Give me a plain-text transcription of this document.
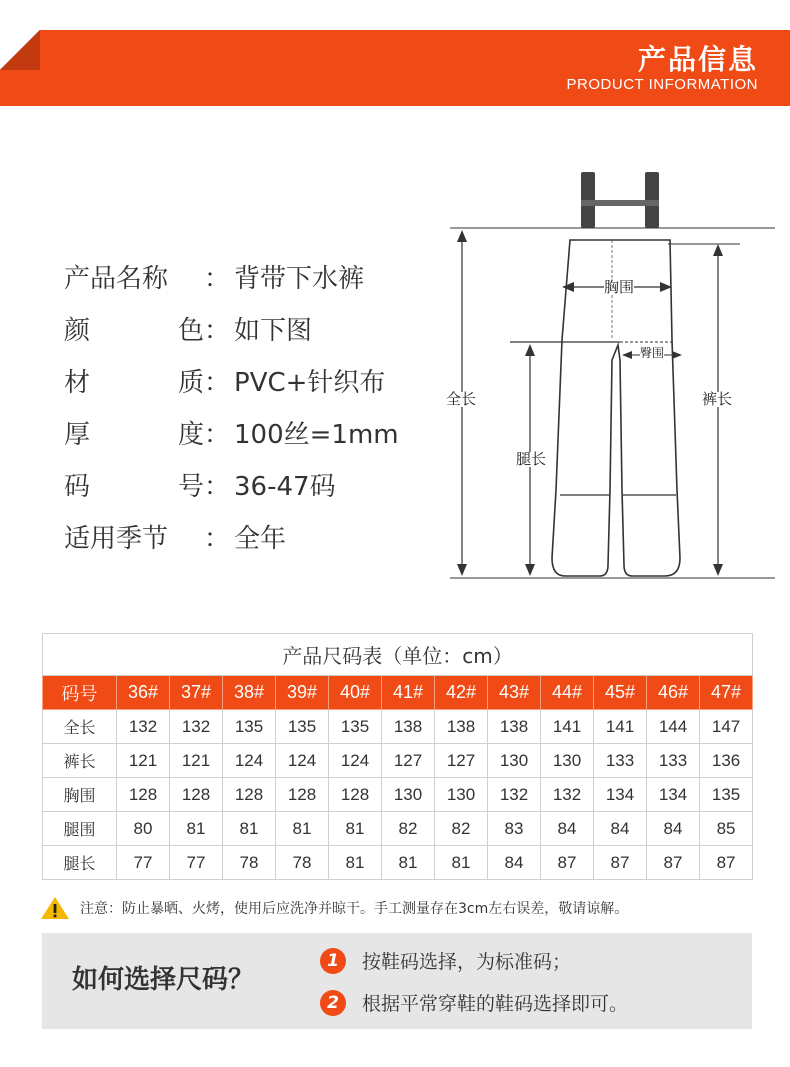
产品信息
PRODUCT INFORMATION
产品名称	： 背带下水裤
颜	色 ： 如下图
材	质 ： PVC+针织布
厚	度 ： 100丝=1mm
码	号 ： 36-47码
适用季节	： 全年
胸围
臀围
全长	裤长
腿长
产品尺码表（单位：cm）												
码号	36#	37#	38#	39#	40#	41#	42#	43#	44#	45#	46#	47#
全长	132	132	135	135	135	138	138	138	141	141	144	147
裤长	121	121	124	124	124	127	127	130	130	133	133	136
胸围	128	128	128	128	128	130	130	132	132	134	134	135
腿围	80	81	81	81	81	82	82	83	84	84	84	85
腿长	77	77	78	78	81	81	81	84	87	87	87	87
注意：防止暴晒、火烤，使用后应洗净并晾干。手工测量存在3cm左右误差，敬请谅解。
如何选择尺码？
1	按鞋码选择，为标准码；
2	根据平常穿鞋的鞋码选择即可。
